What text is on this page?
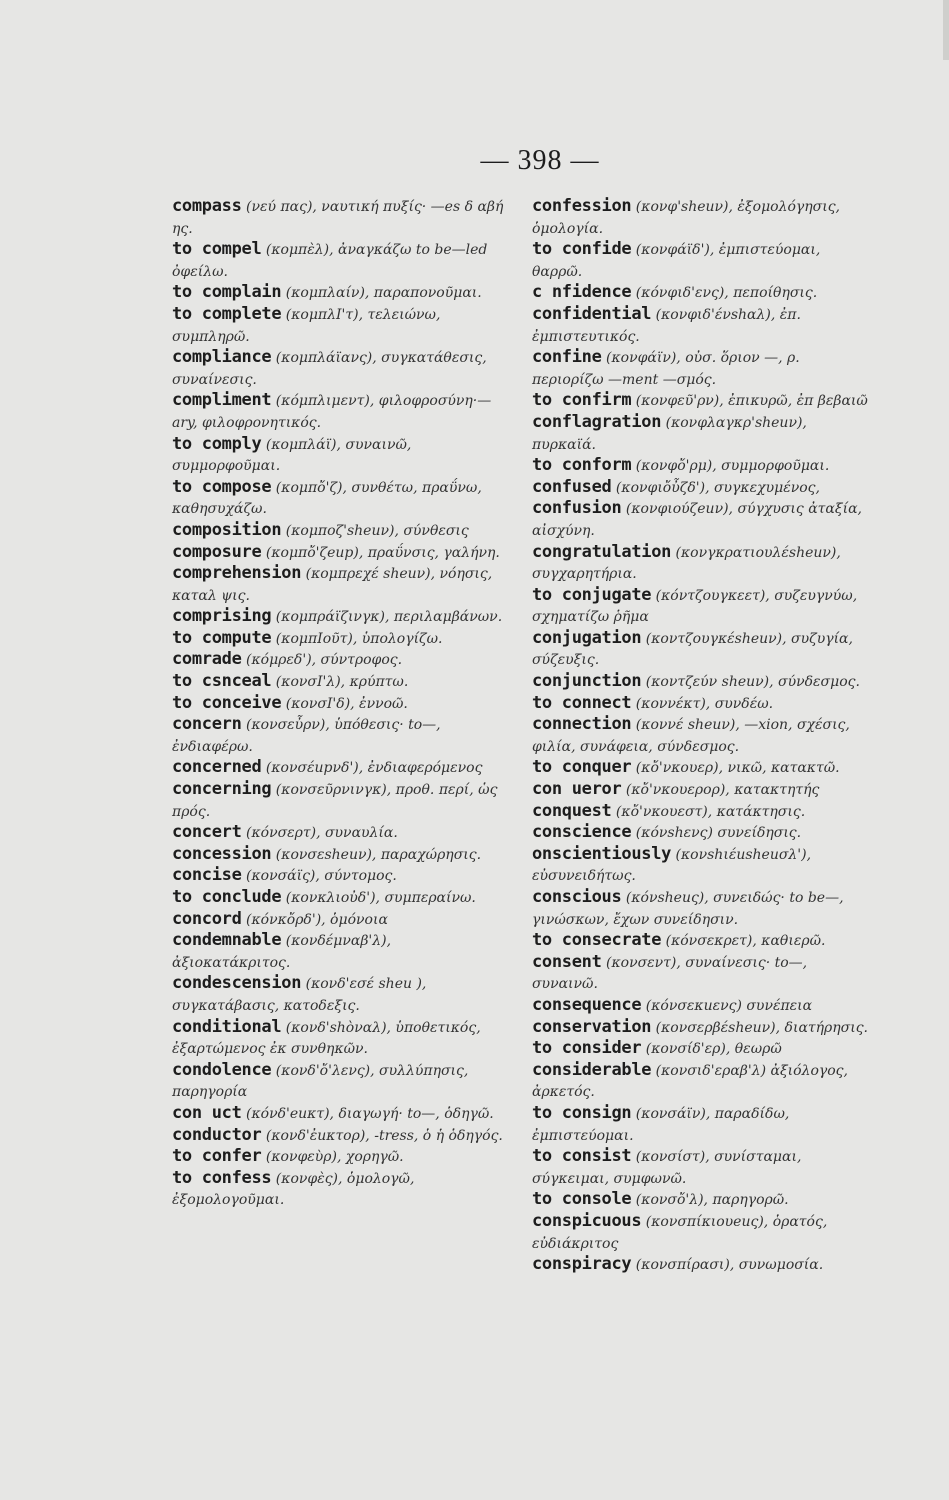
— 398 —
compass (νεύ πας), ναυτική πυξίς· —es δ αβή ης.
to compel (κομπὲλ), ἀναγκάζω to be—led ὀφείλω.
to complain (κομπλαίν), παραπονοῦμαι.
to complete (κομπλΙ'τ), τελειώνω, συμπληρῶ.
compliance (κομπλάϊανς), συγκατάθεσις, συναίνεσις.
compliment (κόμπλιμεντ), φιλοφροσύνη·—ary, φιλοφρονητικός.
to comply (κομπλάϊ), συναινῶ, συμμορφοῦμαι.
to compose (κομπὄ'ζ), συνθέτω, πραΰνω, καθησυχάζω.
composition (κομποζ'sheuν), σύνθεσις
composure (κομπὄ'ζeup), πραΰνσις, γαλήνη.
comprehension (κομπρεχέ sheuν), νόησις, καταλ ψις.
comprising (κομπράϊζινγκ), περιλαμβάνων.
to compute (κομπΙοῦτ), ὑπολογίζω.
comrade (κόμρεδ'), σύντροφος.
to csnceal (κονσΙ'λ), κρύπτω.
to conceive (κονσΙ'δ), ἐννοῶ.
concern (κονσεὖρν), ὑπόθεσις· to—, ἐνδιαφέρω.
concerned (κονσέupνδ'), ἐνδιαφερόμενος
concerning (κονσεῦρνινγκ), προθ. περί, ὡς πρός.
concert (κόνσερτ), συναυλία.
concession (κονσεsheuν), παραχώρησις.
concise (κονσάϊς), σύντομος.
to conclude (κονκλιοὐδ'), συμπεραίνω.
concord (κόνκὄρδ'), ὁμόνοια
condemnable (κονδέμναβ'λ), ἀξιοκατάκριτος.
condescension (κονδ'εσέ sheu ), συγκατάβασις, κατοδεξις.
conditional (κονδ'shὸναλ), ὑποθετικός, ἐξαρτώμενος ἐκ συνθηκῶν.
condolence (κονδ'ὄ'λενς), συλλύπησις, παρηγορία
con uct (κόνδ'euκτ), διαγωγή· to—, ὁδηγῶ.
conductor (κονδ'ἐuκτορ), -tress, ὁ ἡ ὁδηγός.
to confer (κονφεὺρ), χορηγῶ.
to confess (κονφὲς), ὁμολογῶ, ἐξομολογοῦμαι.
confession (κονφ'sheuν), ἐξομολόγησις, ὁμολογία.
to confide (κονφάϊδ'), ἐμπιστεύομαι, θαρρῶ.
c nfidence (κόνφιδ'ενς), πεποίθησις.
confidential (κονφιδ'ένshαλ), ἐπ. ἐμπιστευτικός.
confine (κονφάϊν), οὐσ. ὅριον —, ρ. περιορίζω —ment —σμός.
to confirm (κονφεῦ'ρν), ἐπικυρῶ, ἐπ βεβαιῶ
conflagration (κονφλαγκρ'sheuν), πυρκαϊά.
to conform (κονφὄ'ρμ), συμμορφοῦμαι.
confused (κονφιὄὖζδ'), συγκεχυμένος,
confusion (κονφιούζeuν), σύγχυσις ἀταξία, αἰσχύνη.
congratulation (κονγκρατιουλέsheuν), συγχαρητήρια.
to conjugate (κόντζουγκεετ), συζευγνύω, σχηματίζω ῥῆμα
conjugation (κοντζουγκέsheuν), συζυγία, σύζευξις.
conjunction (κοντζεύν sheuν), σύνδεσμος.
to connect (κοννέκτ), συνδέω.
connection (κοννέ sheuν), —xion, σχέσις, φιλία, συνάφεια, σύνδεσμος.
to conquer (κὄ'νκουερ), νικῶ, κατακτῶ.
con ueror (κὄ'νκουερορ), κατακτητής
conquest (κὄ'νκουεστ), κατάκτησις.
conscience (κόνshενς) συνείδησις.
onscientiously (κονshιέusheuσλ'), εὐσυνειδήτως.
conscious (κόνsheuς), συνειδώς· to be—, γινώσκων, ἔχων συνείδησιν.
to consecrate (κόνσεκρετ), καθιερῶ.
consent (κονσεντ), συναίνεσις· to—, συναινῶ.
consequence (κόνσεκuενς) συνέπεια
conservation (κονσερβέsheuν), διατήρησις.
to consider (κονσίδ'ερ), θεωρῶ
considerable (κονσιδ'εραβ'λ) ἀξιόλογος, ἀρκετός.
to consign (κονσάϊν), παραδίδω, ἐμπιστεύομαι.
to consist (κονσίστ), συνίσταμαι, σύγκειμαι, συμφωνῶ.
to console (κονσὄ'λ), παρηγορῶ.
conspicuous (κονσπίκιουeuς), ὁρατός, εὐδιάκριτος
conspiracy (κονσπίρασι), συνωμοσία.
